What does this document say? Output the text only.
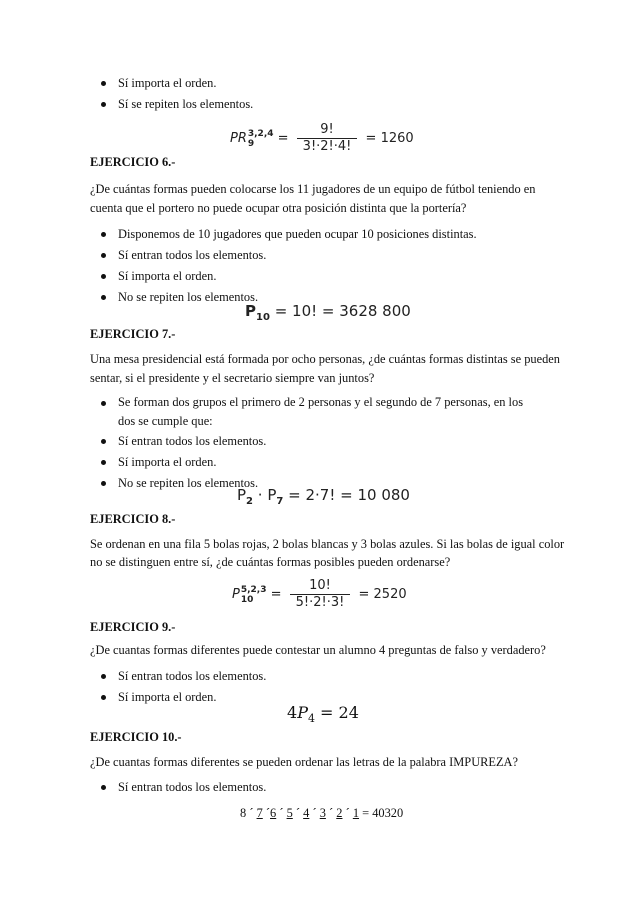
Sí importa el orden.
Sí se repiten los elementos.
PR 3,2,4
9	= $\frac{9!}{3!\cdot 2!\cdot 4!} = 1260$
EJERCICIO 6.-
¿De cuántas formas pueden colocarse los 11 jugadores de un equipo de fútbol teniendo en
cuenta que el portero no puede ocupar otra posición distinta que la portería?
Disponemos de 10 jugadores que pueden ocupar 10 posiciones distintas.
Sí entran todos los elementos.
Sí importa el orden.
No se repiten los elementos.
$P_{10} = 10$! = 3628 800
EJERCICIO 7.-
Una mesa presidencial está formada por ocho personas, ¿de cuántas formas distintas se pueden
sentar, si el presidente y el secretario siempre van juntos?
Se forman dos grupos el primero de 2 personas y el segundo de 7 personas, en los dos se cumple que:
Sí entran todos los elementos.
Sí importa el orden.
No se repiten los elementos.
$P_2 \cdot P_7 = 2\cdot 7$! = 10 080
EJERCICIO 8.-
Se ordenan en una fila 5 bolas rojas, 2 bolas blancas y 3 bolas azules. Si las bolas de igual color
no se distinguen entre sí, ¿de cuántas formas posibles pueden ordenarse?
P 5,2,3
10	= $\frac{10!}{5!\cdot 2!\cdot 3!} = 2520$
EJERCICIO 9.-
¿De cuantas formas diferentes puede contestar un alumno 4 preguntas de falso y verdadero?
Sí entran todos los elementos.
Sí importa el orden.
$4P_4 = 24$
EJERCICIO 10.-
¿De cuantas formas diferentes se pueden ordenar las letras de la palabra IMPUREZA?
Sí entran todos los elementos.
8 ´ 7 ´6 ´ 5 ´ 4 ´ 3 ´ 2 ´ 1 = 40320
